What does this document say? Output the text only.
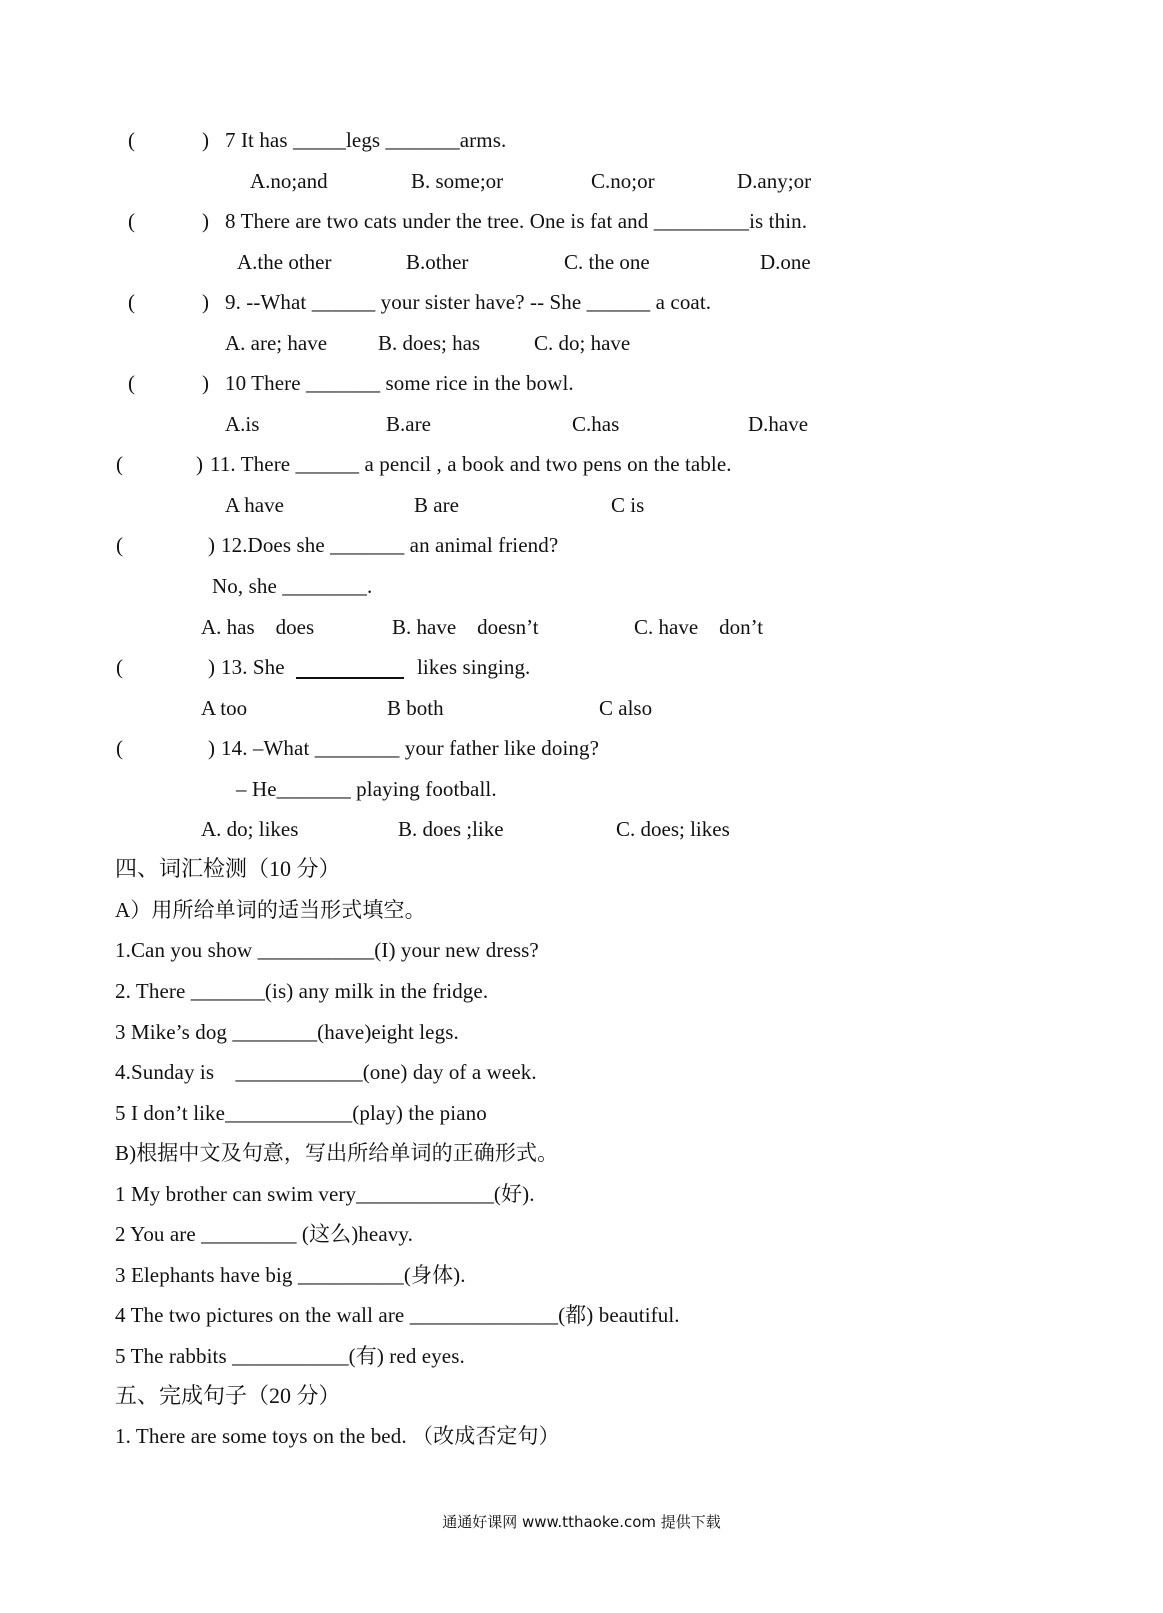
(	) 7 It has _____legs _______arms.
A.no;and	B. some;or	C.no;or	D.any;or
(	) 8 There are two cats under the tree. One is fat and _________is thin.
A.the other	B.other	C. the one	D.one
(	) 9. --What ______ your sister have? -- She ______ a coat.
A. are; have B. does; has	C. do; have
(	) 10 There _______ some rice in the bowl.
A.is	B.are	C.has	D.have
(	) 11. There ______ a pencil , a book and two pens on the table.
A have	B are	C is
(	) 12.Does she _______ an animal friend?
No, she ________.
A. has    does	B. have    doesn’t	C. have    don’t
(	) 13. She	likes singing.
A too	B both	C also
(	) 14. –What ________ your father like doing?
– He_______ playing football.
A. do; likes	B. does ;like	C. does; likes
四、词汇检测（10 分）
A）用所给单词的适当形式填空。
1.Can you show ___________(I) your new dress?
2. There _______(is) any milk in the fridge.
3 Mike’s dog ________(have)eight legs.
4.Sunday is    ____________(one) day of a week.
5 I don’t like____________(play) the piano
B)根据中文及句意，写出所给单词的正确形式。
1 My brother can swim very_____________(好).
2 You are _________ (这么)heavy.
3 Elephants have big __________(身体).
4 The two pictures on the wall are ______________(都) beautiful.
5 The rabbits ___________(有) red eyes.
五、完成句子（20 分）
1. There are some toys on the bed. （改成否定句）
通通好课网 www.tthaoke.com 提供下载
